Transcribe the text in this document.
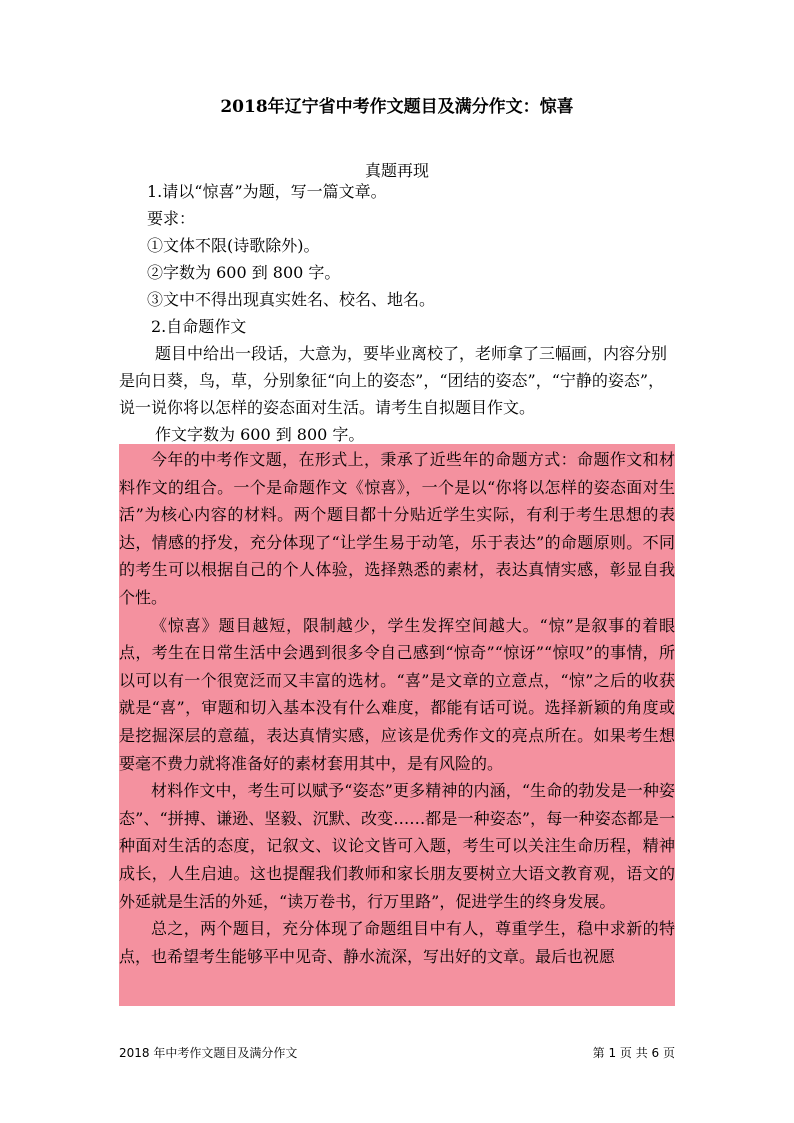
2018年辽宁省中考作文题目及满分作文：惊喜
真题再现

1.请以“惊喜”为题，写一篇文章。

要求：

①文体不限(诗歌除外)。

②字数为 600 到 800 字。

③文中不得出现真实姓名、校名、地名。

2.自命题作文

题目中给出一段话，大意为，要毕业离校了，老师拿了三幅画，内容分别是向日葵，鸟，草，分别象征“向上的姿态”，“团结的姿态”，“宁静的姿态”，说一说你将以怎样的姿态面对生活。请考生自拟题目作文。

作文字数为 600 到 800 字。

今年的中考作文题，在形式上，秉承了近些年的命题方式：命题作文和材料作文的组合。一个是命题作文《惊喜》，一个是以“你将以怎样的姿态面对生活”为核心内容的材料。两个题目都十分贴近学生实际，有利于考生思想的表达，情感的抒发，充分体现了“让学生易于动笔，乐于表达”的命题原则。不同的考生可以根据自己的个人体验，选择熟悉的素材，表达真情实感，彰显自我个性。

《惊喜》题目越短，限制越少，学生发挥空间越大。“惊”是叙事的着眼点，考生在日常生活中会遇到很多令自己感到“惊奇”“惊讶”“惊叹”的事情，所以可以有一个很宽泛而又丰富的选材。“喜”是文章的立意点，“惊”之后的收获就是“喜”，审题和切入基本没有什么难度，都能有话可说。选择新颖的角度或是挖掘深层的意蕴，表达真情实感，应该是优秀作文的亮点所在。如果考生想要毫不费力就将准备好的素材套用其中，是有风险的。

材料作文中，考生可以赋予“姿态”更多精神的内涵，“生命的勃发是一种姿态”、“拼搏、谦逊、坚毅、沉默、改变……都是一种姿态”，每一种姿态都是一种面对生活的态度，记叙文、议论文皆可入题，考生可以关注生命历程，精神成长，人生启迪。这也提醒我们教师和家长朋友要树立大语文教育观，语文的外延就是生活的外延，“读万卷书，行万里路”，促进学生的终身发展。

总之，两个题目，充分体现了命题组目中有人，尊重学生，稳中求新的特点，也希望考生能够平中见奇、静水流深，写出好的文章。最后也祝愿

2018 年中考作文题目及满分作文	第 1 页 共 6 页
